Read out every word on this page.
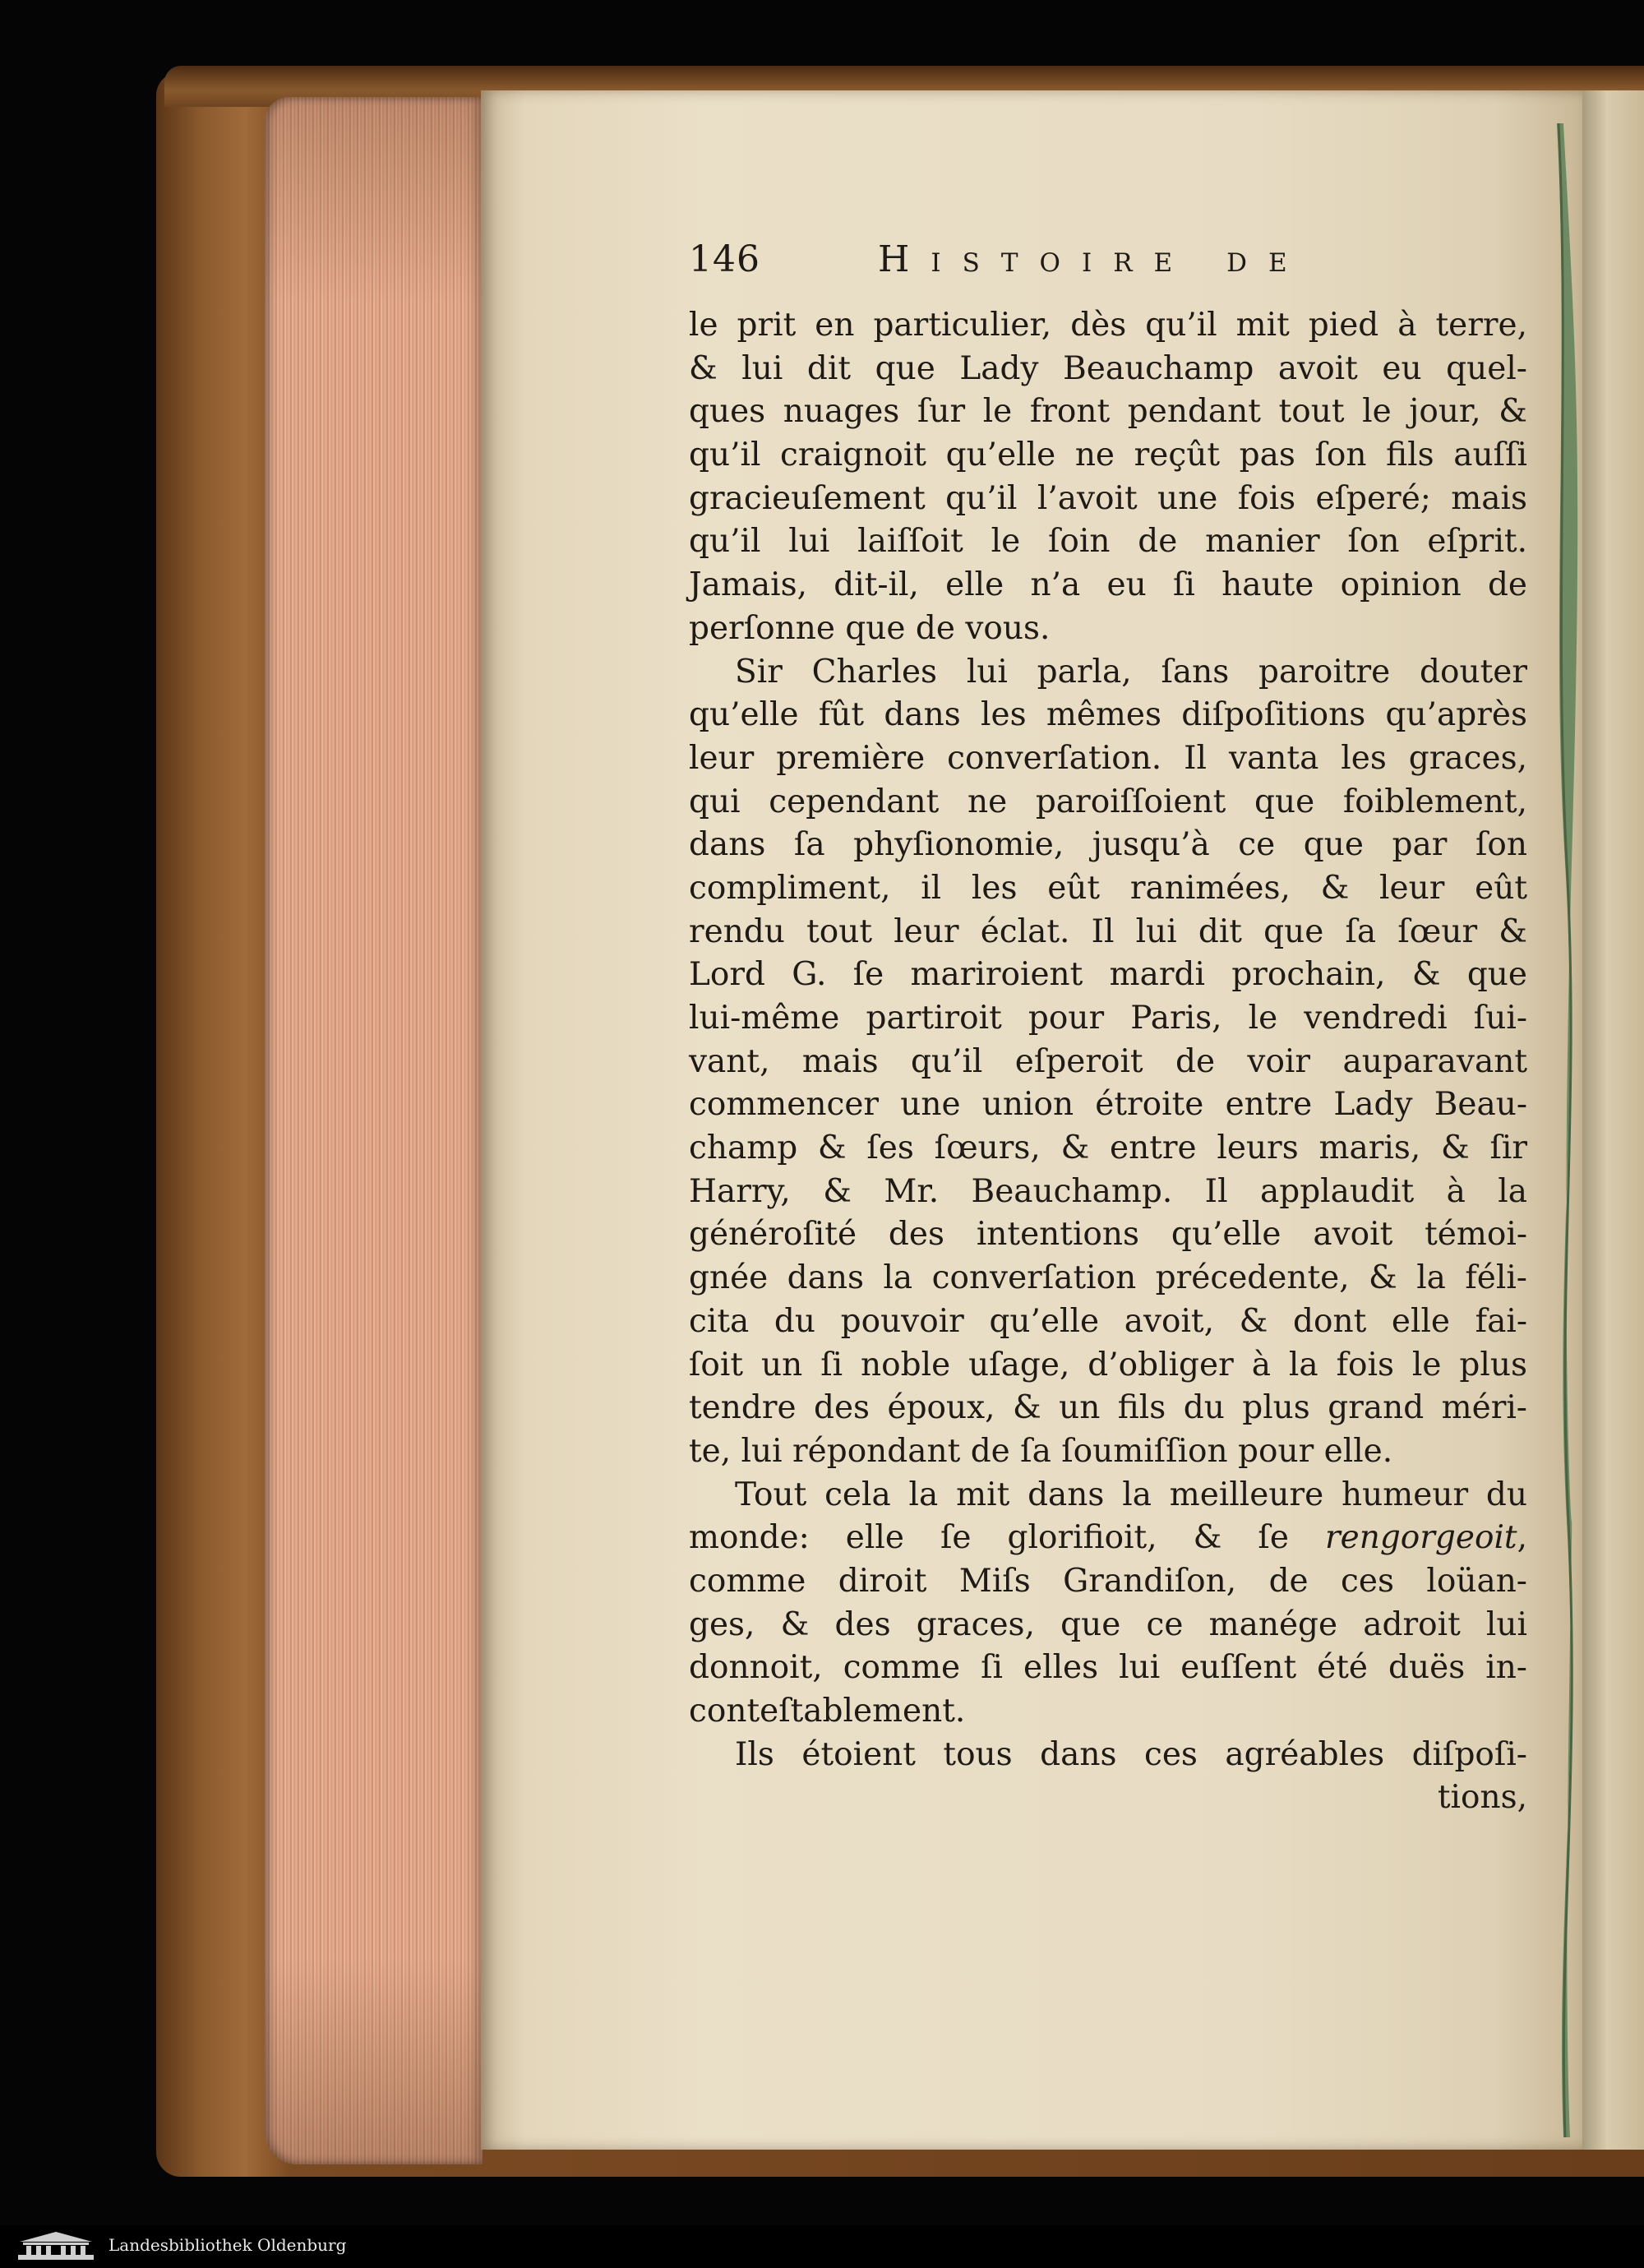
146	Histoire de
le prit en particulier, dès qu’il mit pied à terre,
& lui dit que Lady Beauchamp avoit eu quel-
ques nuages ſur le front pendant tout le jour, &
qu’il craignoit qu’elle ne reçût pas ſon fils auſſi
gracieuſement qu’il l’avoit une fois eſperé; mais
qu’il lui laiſſoit le ſoin de manier ſon eſprit.
Jamais, dit-il, elle n’a eu ſi haute opinion de
perſonne que de vous.
Sir Charles lui parla, ſans paroitre douter
qu’elle fût dans les mêmes diſpoſitions qu’après
leur première converſation. Il vanta les graces,
qui cependant ne paroiſſoient que foiblement,
dans ſa phyſionomie, jusqu’à ce que par ſon
compliment, il les eût ranimées, & leur eût
rendu tout leur éclat. Il lui dit que ſa ſœur &
Lord G. ſe mariroient mardi prochain, & que
lui-même partiroit pour Paris, le vendredi ſui-
vant, mais qu’il eſperoit de voir auparavant
commencer une union étroite entre Lady Beau-
champ & ſes ſœurs, & entre leurs maris, & ſir
Harry, & Mr. Beauchamp. Il applaudit à la
généroſité des intentions qu’elle avoit témoi-
gnée dans la converſation précedente, & la féli-
cita du pouvoir qu’elle avoit, & dont elle fai-
ſoit un ſi noble uſage, d’obliger à la fois le plus
tendre des époux, & un fils du plus grand méri-
te, lui répondant de ſa ſoumiſſion pour elle.
Tout cela la mit dans la meilleure humeur du
monde: elle ſe glorifioit, & ſe rengorgeoit,
comme diroit Miſs Grandiſon, de ces loüan-
ges, & des graces, que ce manége adroit lui
donnoit, comme ſi elles lui euſſent été duës in-
conteſtablement.
Ils étoient tous dans ces agréables diſpoſi-
tions,
Landesbibliothek Oldenburg
